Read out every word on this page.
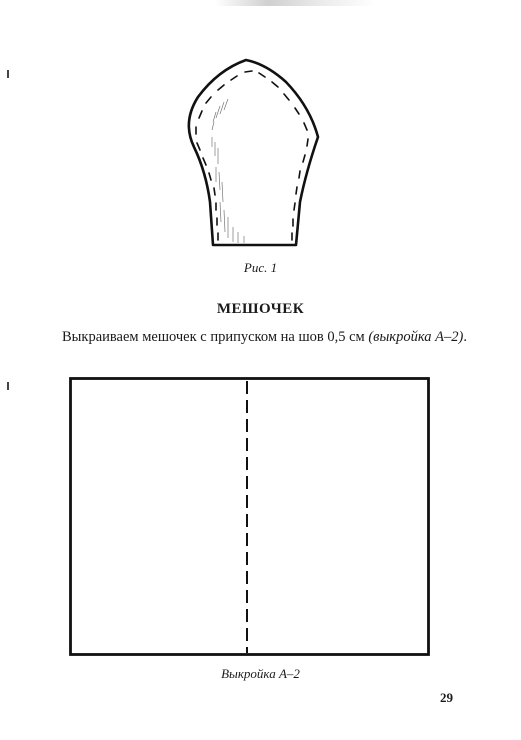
Рис. 1
МЕШОЧЕК
Выкраиваем мешочек с припуском на шов 0,5 см (выкройка А–2).
Выкройка А–2
29
